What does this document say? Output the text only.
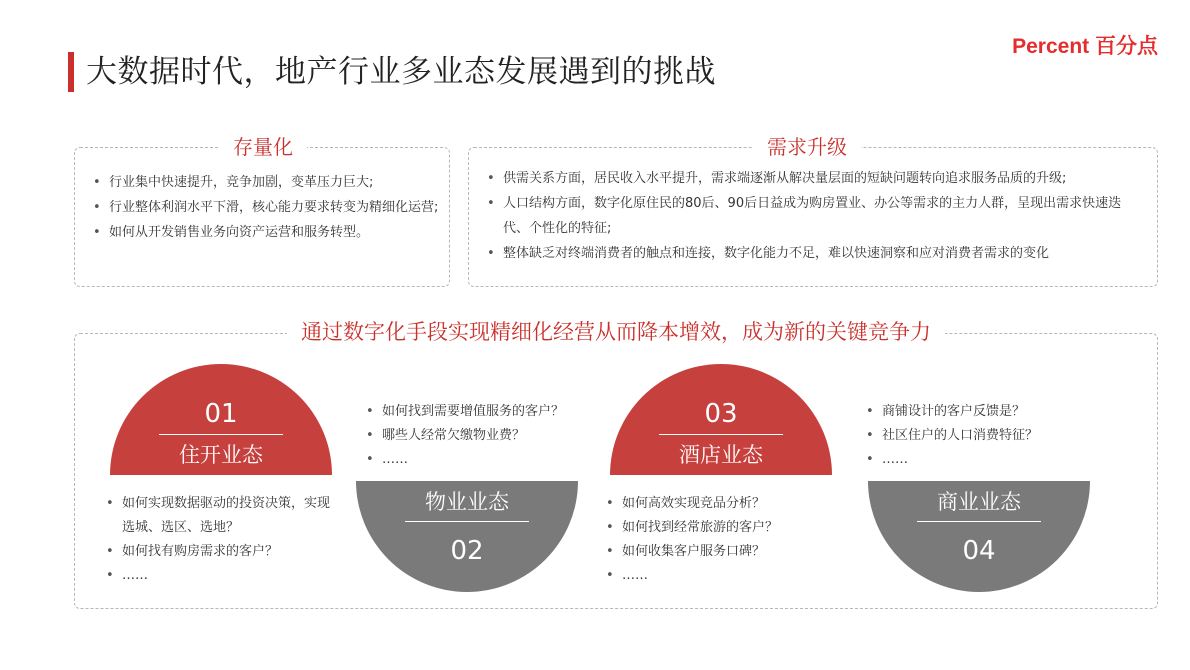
大数据时代，地产行业多业态发展遇到的挑战
Percent 百分点
存量化
• 行业集中快速提升，竞争加剧，变革压力巨大;
• 行业整体利润水平下滑，核心能力要求转变为精细化运营;
• 如何从开发销售业务向资产运营和服务转型。
需求升级
• 供需关系方面，居民收入水平提升，需求端逐渐从解决量层面的短缺问题转向追求服务品质的升级;
• 人口结构方面，数字化原住民的80后、90后日益成为购房置业、办公等需求的主力人群，呈现出需求快速迭代、个性化的特征;
• 整体缺乏对终端消费者的触点和连接，数字化能力不足，难以快速洞察和应对消费者需求的变化
通过数字化手段实现精细化经营从而降本增效，成为新的关键竞争力
01
住开业态
• 如何实现数据驱动的投资决策，实现选城、选区、选地？
• 如何找有购房需求的客户？
• ……
• 如何找到需要增值服务的客户？
• 哪些人经常欠缴物业费？
• ……
物业业态
02
03
酒店业态
• 如何高效实现竞品分析？
• 如何找到经常旅游的客户？
• 如何收集客户服务口碑？
• ……
• 商铺设计的客户反馈是？
• 社区住户的人口消费特征？
• ……
商业业态
04
